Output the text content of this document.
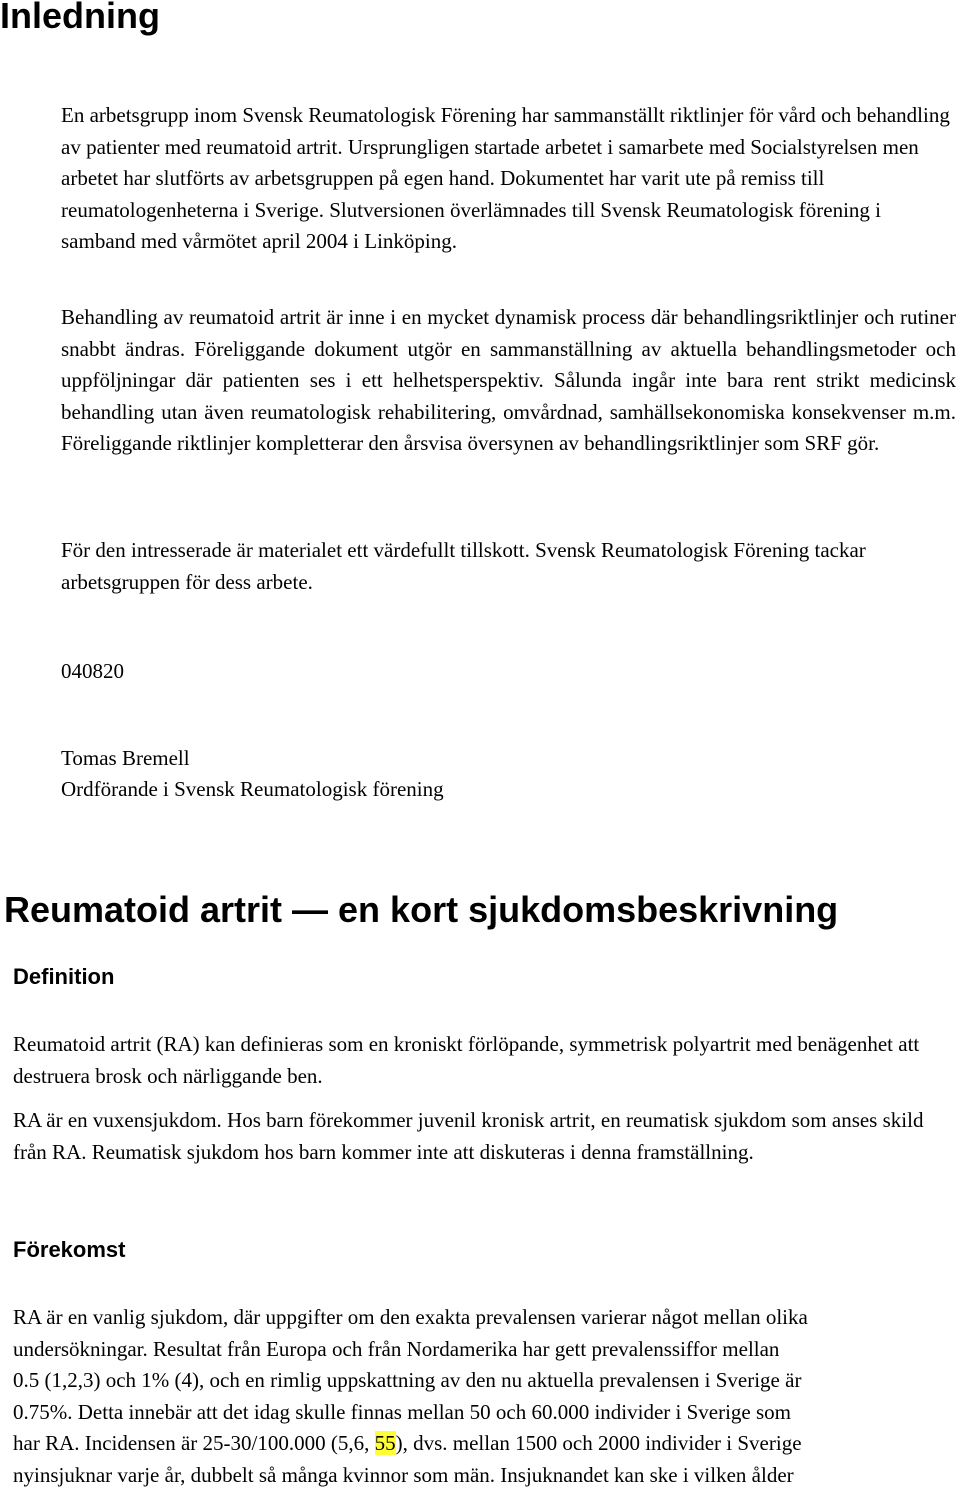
Inledning

En arbetsgrupp inom Svensk Reumatologisk Förening har sammanställt riktlinjer för vård och behandling av patienter med reumatoid artrit. Ursprungligen startade arbetet i samarbete med Socialstyrelsen men arbetet har slutförts av arbetsgruppen på egen hand. Dokumentet har varit ute på remiss till reumatologenheterna i Sverige. Slutversionen överlämnades till Svensk Reumatologisk förening i samband med vårmötet april 2004 i Linköping.

Behandling av reumatoid artrit är inne i en mycket dynamisk process där behandlingsriktlinjer och rutiner snabbt ändras. Föreliggande dokument utgör en sammanställning av aktuella behandlingsmetoder och uppföljningar där patienten ses i ett helhetsperspektiv. Sålunda ingår inte bara rent strikt medicinsk behandling utan även reumatologisk rehabilitering, omvårdnad, samhällsekonomiska konsekvenser m.m. Föreliggande riktlinjer kompletterar den årsvisa översynen av behandlingsriktlinjer som SRF gör.

För den intresserade är materialet ett värdefullt tillskott. Svensk Reumatologisk Förening tackar arbetsgruppen för dess arbete.

040820

Tomas Bremell

Ordförande i Svensk Reumatologisk förening

Reumatoid artrit — en kort sjukdomsbeskrivning
Definition

Reumatoid artrit (RA) kan definieras som en kroniskt förlöpande, symmetrisk polyartrit med benägenhet att destruera brosk och närliggande ben.

RA är en vuxensjukdom. Hos barn förekommer juvenil kronisk artrit, en reumatisk sjukdom som anses skild från RA. Reumatisk sjukdom hos barn kommer inte att diskuteras i denna framställning.

Förekomst
RA är en vanlig sjukdom, där uppgifter om den exakta prevalensen varierar något mellan olika
undersökningar. Resultat från Europa och från Nordamerika har gett prevalenssiffor mellan
0.5 (1,2,3) och 1% (4), och en rimlig uppskattning av den nu aktuella prevalensen i Sverige är
0.75%. Detta innebär att det idag skulle finnas mellan 50 och 60.000 individer i Sverige som
har RA. Incidensen är 25-30/100.000 (5,6, 55), dvs. mellan 1500 och 2000 individer i Sverige
nyinsjuknar varje år, dubbelt så många kvinnor som män. Insjuknandet kan ske i vilken ålder
